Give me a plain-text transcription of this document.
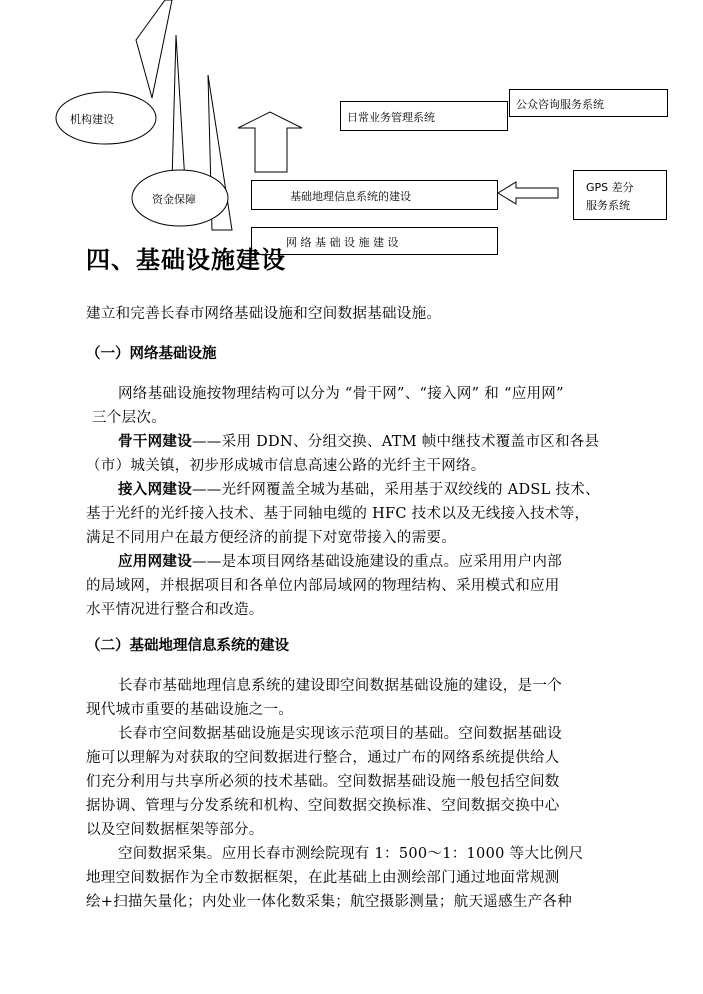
机构建设
资金保障
公众咨询服务系统
日常业务管理系统
基础地理信息系统的建设
GPS 差分
服务系统
网 络 基 础 设 施 建 设
四、基础设施建设
建立和完善长春市网络基础设施和空间数据基础设施。
（一）网络基础设施
网络基础设施按物理结构可以分为 “骨干网”、“接入网” 和 “应用网”
三个层次。
骨干网建设——采用 DDN、分组交换、ATM 帧中继技术覆盖市区和各县
（市）城关镇，初步形成城市信息高速公路的光纤主干网络。
接入网建设——光纤网覆盖全城为基础，采用基于双绞线的 ADSL 技术、
基于光纤的光纤接入技术、基于同轴电缆的 HFC 技术以及无线接入技术等，
满足不同用户在最方便经济的前提下对宽带接入的需要。
应用网建设——是本项目网络基础设施建设的重点。应采用用户内部
的局域网，并根据项目和各单位内部局域网的物理结构、采用模式和应用
水平情况进行整合和改造。
（二）基础地理信息系统的建设
长春市基础地理信息系统的建设即空间数据基础设施的建设，是一个
现代城市重要的基础设施之一。
长春市空间数据基础设施是实现该示范项目的基础。空间数据基础设
施可以理解为对获取的空间数据进行整合，通过广布的网络系统提供给人
们充分利用与共享所必须的技术基础。空间数据基础设施一般包括空间数
据协调、管理与分发系统和机构、空间数据交换标准、空间数据交换中心
以及空间数据框架等部分。
空间数据采集。应用长春市测绘院现有 1：500～1：1000 等大比例尺
地理空间数据作为全市数据框架，在此基础上由测绘部门通过地面常规测
绘+扫描矢量化；内处业一体化数采集；航空摄影测量；航天遥感生产各种
